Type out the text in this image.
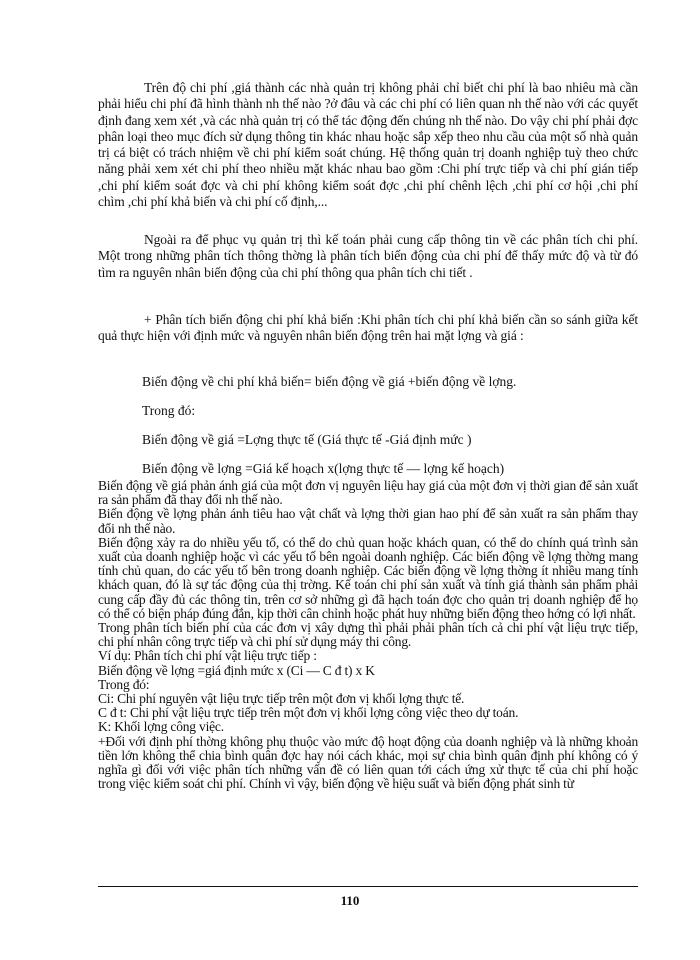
Trên độ chi phí ,giá thành các nhà quản trị không phải chỉ biết chi phí là bao nhiêu mà cần phải hiểu chi phí đã hình thành nh thế nào ?ở đâu và các chi phí có liên quan nh thế nào với các quyết định đang xem xét ,và các nhà quản trị có thể tác động đến chúng nh thế nào. Do vậy chi phí phải đợc phân loại theo mục đích sử dụng thông tin khác nhau hoặc sắp xếp theo nhu cầu của một số nhà quản trị cá biệt có trách nhiệm về chi phí kiểm soát chúng. Hệ thống quản trị doanh nghiệp tuỳ theo chức năng phải xem xét chi phí theo nhiều mặt khác nhau bao gồm :Chi phí trực tiếp và chi phí gián tiếp ,chi phí kiểm soát đợc và chi phí không kiểm soát đợc ,chi phí chênh lệch ,chi phí cơ hội ,chi phí chìm ,chi phí khả biến và chi phí cố định,...
Ngoài ra để phục vụ quản trị thì kế toán phải cung cấp thông tin về các phân tích chi phí. Một trong những phân tích thông thờng là phân tích biến động của chi phí để thấy mức độ và từ đó tìm ra nguyên nhân biến động của chi phí thông qua phân tích chi tiết .
+ Phân tích biến động chi phí khả biến :Khi phân tích chi phí khả biến cần so sánh giữa kết quả thực hiện với định mức và nguyên nhân biến động trên hai mặt lợng và giá :
Biến động về chi phí khả biến= biến động về giá +biến động về lợng.
Trong đó:
Biến động về giá =Lợng thực tế (Giá thực tế -Giá định mức )
Biến động về lợng =Giá kế hoạch x(lợng thực tế — lợng kế hoạch)

Biến động về giá phản ánh giá của một đơn vị nguyên liệu hay giá của một đơn vị thời gian để sản xuất ra sản phẩm đã thay đổi nh thế nào.

Biến động về lợng phản ánh tiêu hao vật chất và lợng thời gian hao phí để sản xuất ra sản phẩm thay đổi nh thế nào.

Biến động xảy ra do nhiều yếu tố, có thể do chủ quan hoặc khách quan, có thể do chính quá trình sản xuất của doanh nghiệp hoặc vì các yếu tố bên ngoài doanh nghiệp. Các biến động về lợng thờng mang tính chủ quan, do các yếu tố bên trong doanh nghiệp. Các biến động về lợng thờng ít nhiều mang tính khách quan, đó là sự tác động của thị trờng. Kế toán chi phí sản xuất và tính giá thành sản phẩm phải cung cấp đầy đủ các thông tin, trên cơ sở những gì đã hạch toán đợc cho quản trị doanh nghiệp để họ có thể có biện pháp đúng đắn, kịp thời cân chỉnh hoặc phát huy những biến động theo hớng có lợi nhất.

Trong phân tích biến phí của các đơn vị xây dựng thì phải phải phân tích cả chi phí vật liệu trực tiếp, chi phí nhân công trực tiếp và chi phí sử dụng máy thi công.

Ví dụ: Phân tích chi phí vật liệu trực tiếp :

Biến động về lợng =giá định mức x (Ci — C đ t) x K

Trong đó:

Ci: Chi phí nguyên vật liệu trực tiếp trên một đơn vị khối lợng thực tế.

C đ t: Chi phí vật liệu trực tiếp trên một đơn vị khối lợng công việc theo dự toán.

K: Khối lợng công việc.

+Đối với định phí thờng không phụ thuộc vào mức độ hoạt động của doanh nghiệp và là những khoản tiền lớn không thể chia bình quân đợc hay nói cách khác, mọi sự chia bình quân định phí không có ý nghĩa gì đối với việc phân tích những vấn đề có liên quan tới cách ứng xử thực tế của chi phí hoặc trong việc kiểm soát chi phí. Chính vì vậy, biến động về hiệu suất và biến động phát sinh từ

110
